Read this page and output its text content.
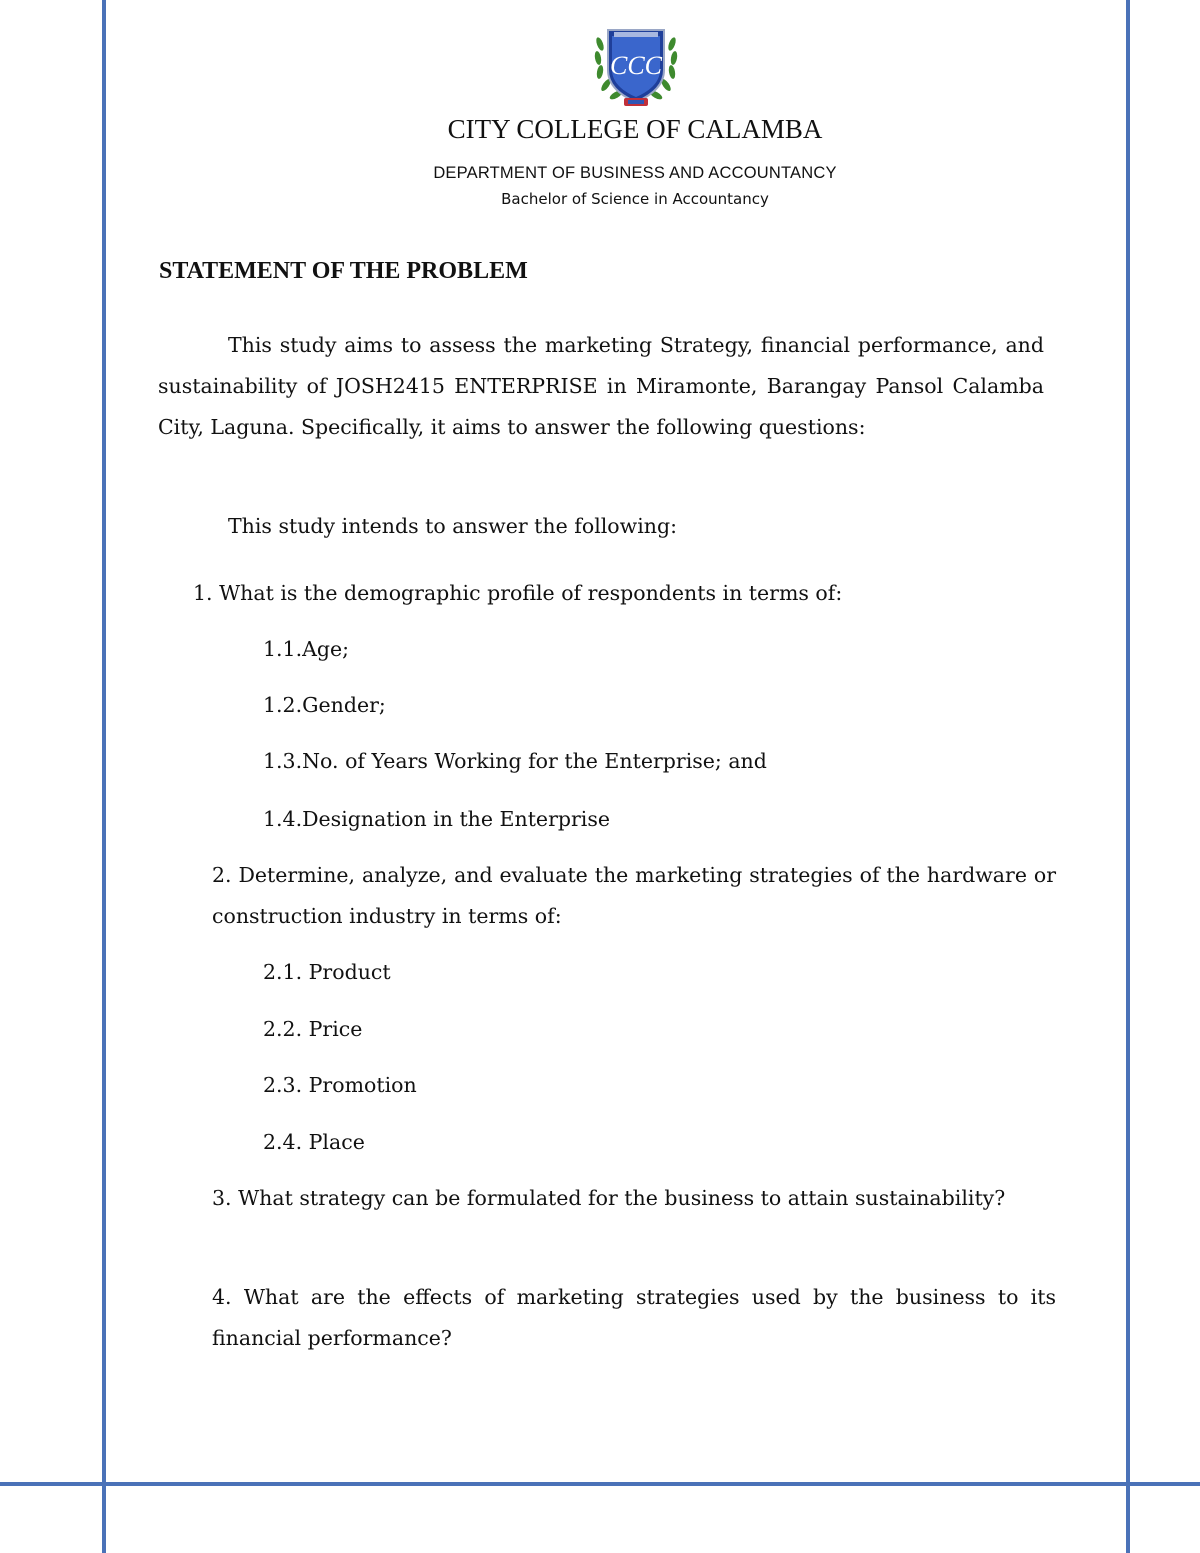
CCC
CITY COLLEGE OF CALAMBA
DEPARTMENT OF BUSINESS AND ACCOUNTANCY
Bachelor of Science in Accountancy
STATEMENT OF THE PROBLEM

This study aims to assess the marketing Strategy, financial performance, and sustainability of JOSH2415 ENTERPRISE in Miramonte, Barangay Pansol Calamba City, Laguna. Specifically, it aims to answer the following questions:

This study intends to answer the following:
1. What is the demographic profile of respondents in terms of:
1.1.Age;
1.2.Gender;
1.3.No. of Years Working for the Enterprise; and
1.4.Designation in the Enterprise
2. Determine, analyze, and evaluate the marketing strategies of the hardware or construction industry in terms of:
2.1. Product
2.2. Price
2.3. Promotion
2.4. Place
3. What strategy can be formulated for the business to attain sustainability?
4. What are the effects of marketing strategies used by the business to its financial performance?
